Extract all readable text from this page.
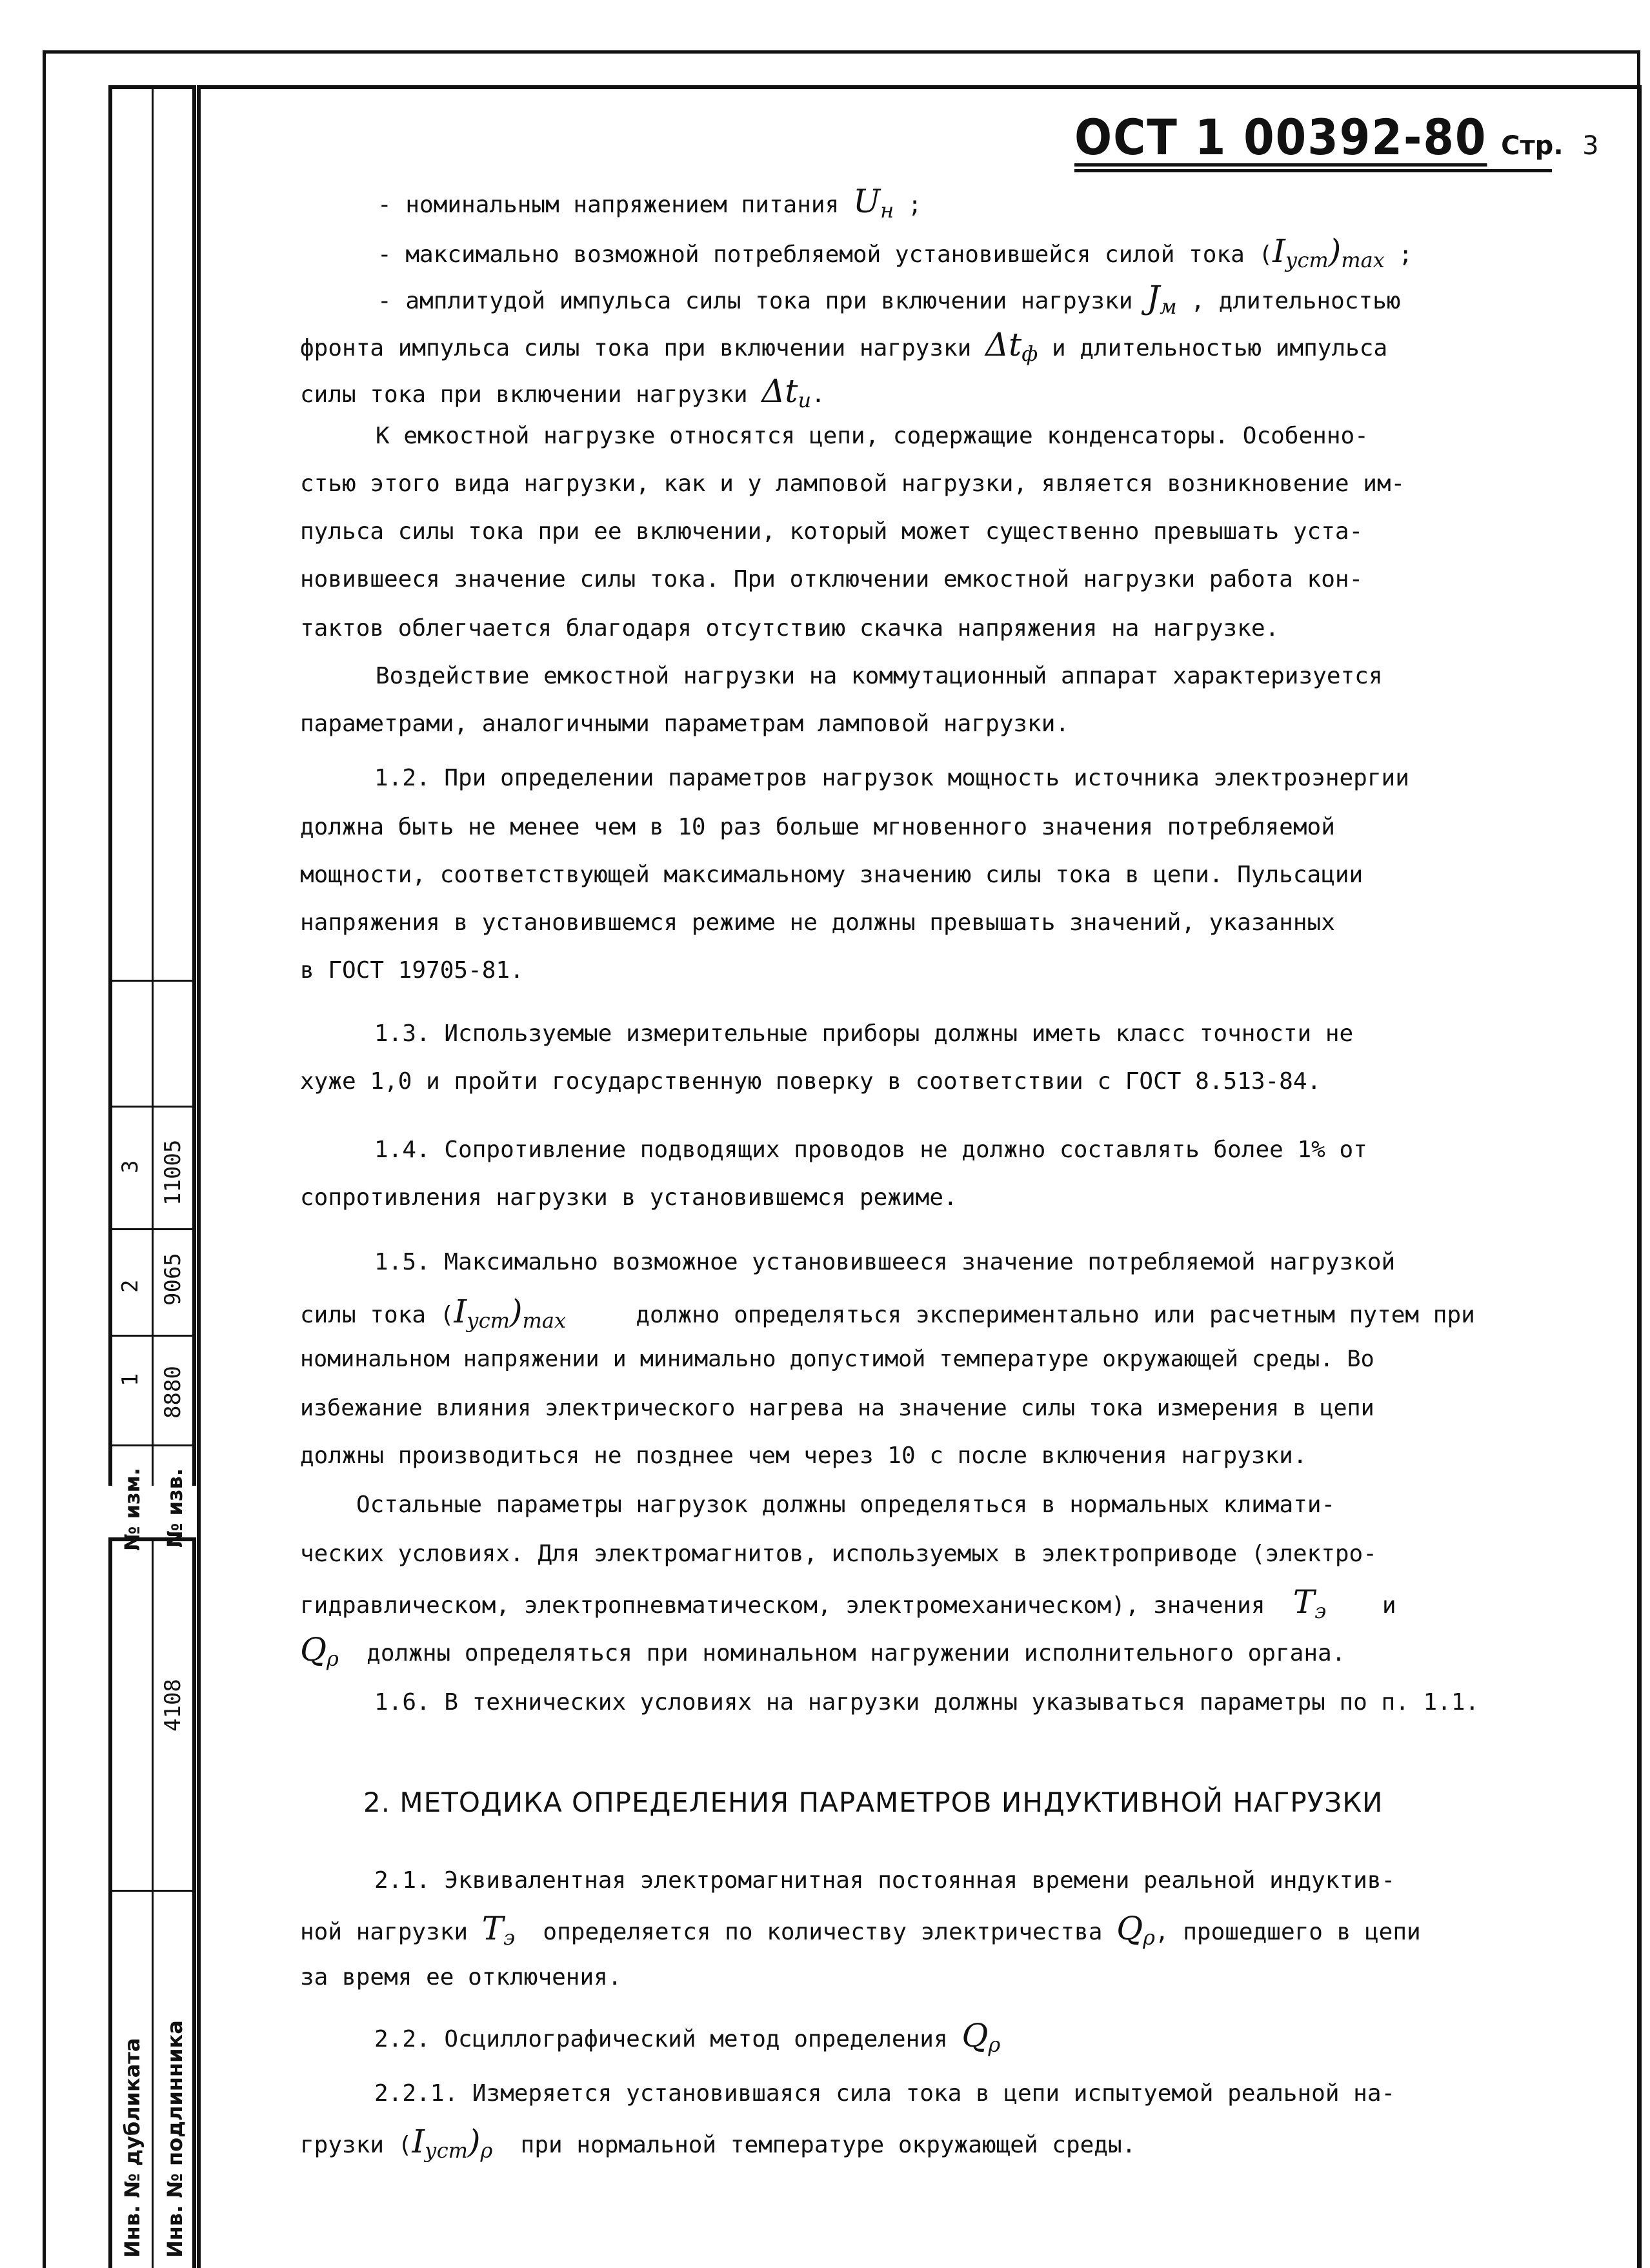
1
2
3
8880
9065
11005
№ изм. № изв.
4108
Инв. № дубликата Инв. № подлинника
ОСТ 1 00392-80 Стр. 3
- номинальным напряжением питания Uн ;
- максимально возможной потребляемой установившейся силой тока (Iуст)max ;
- амплитудой импульса силы тока при включении нагрузки Jм , длительностью
фронта импульса силы тока при включении нагрузки Δtф и длительностью импульса
силы тока при включении нагрузки Δtи.
К емкостной нагрузке относятся цепи, содержащие конденсаторы. Особенно-
стью этого вида нагрузки, как и у ламповой нагрузки, является возникновение им-
пульса силы тока при ее включении, который может существенно превышать уста-
новившееся значение силы тока. При отключении емкостной нагрузки работа кон-
тактов облегчается благодаря отсутствию скачка напряжения на нагрузке.
Воздействие емкостной нагрузки на коммутационный аппарат характеризуется
параметрами, аналогичными параметрам ламповой нагрузки.
1.2. При определении параметров нагрузок мощность источника электроэнергии
должна быть не менее чем в 10 раз больше мгновенного значения потребляемой
мощности, соответствующей максимальному значению силы тока в цепи. Пульсации
напряжения в установившемся режиме не должны превышать значений, указанных
в ГОСТ 19705-81.
1.3. Используемые измерительные приборы должны иметь класс точности не
хуже 1,0 и пройти государственную поверку в соответствии с ГОСТ 8.513-84.
1.4. Сопротивление подводящих проводов не должно составлять более 1% от
сопротивления нагрузки в установившемся режиме.
1.5. Максимально возможное установившееся значение потребляемой нагрузкой
силы тока (Iуст)max	должно определяться экспериментально или расчетным путем при
номинальном напряжении и минимально допустимой температуре окружающей среды. Во
избежание влияния электрического нагрева на значение силы тока измерения в цепи
должны производиться не позднее чем через 10 с после включения нагрузки.
Остальные параметры нагрузок должны определяться в нормальных климати-
ческих условиях. Для электромагнитов, используемых в электроприводе (электро-
гидравлическом, электропневматическом, электромеханическом), значения Tэ и
Qρ должны определяться при номинальном нагружении исполнительного органа.
1.6. В технических условиях на нагрузки должны указываться параметры по п. 1.1.
2. МЕТОДИКА ОПРЕДЕЛЕНИЯ ПАРАМЕТРОВ ИНДУКТИВНОЙ НАГРУЗКИ
2.1. Эквивалентная электромагнитная постоянная времени реальной индуктив-
ной нагрузки Tэ определяется по количеству электричества Qρ, прошедшего в цепи
за время ее отключения.
2.2. Осциллографический метод определения Qρ
2.2.1. Измеряется установившаяся сила тока в цепи испытуемой реальной на-
грузки (Iуст)ρ при нормальной температуре окружающей среды.
